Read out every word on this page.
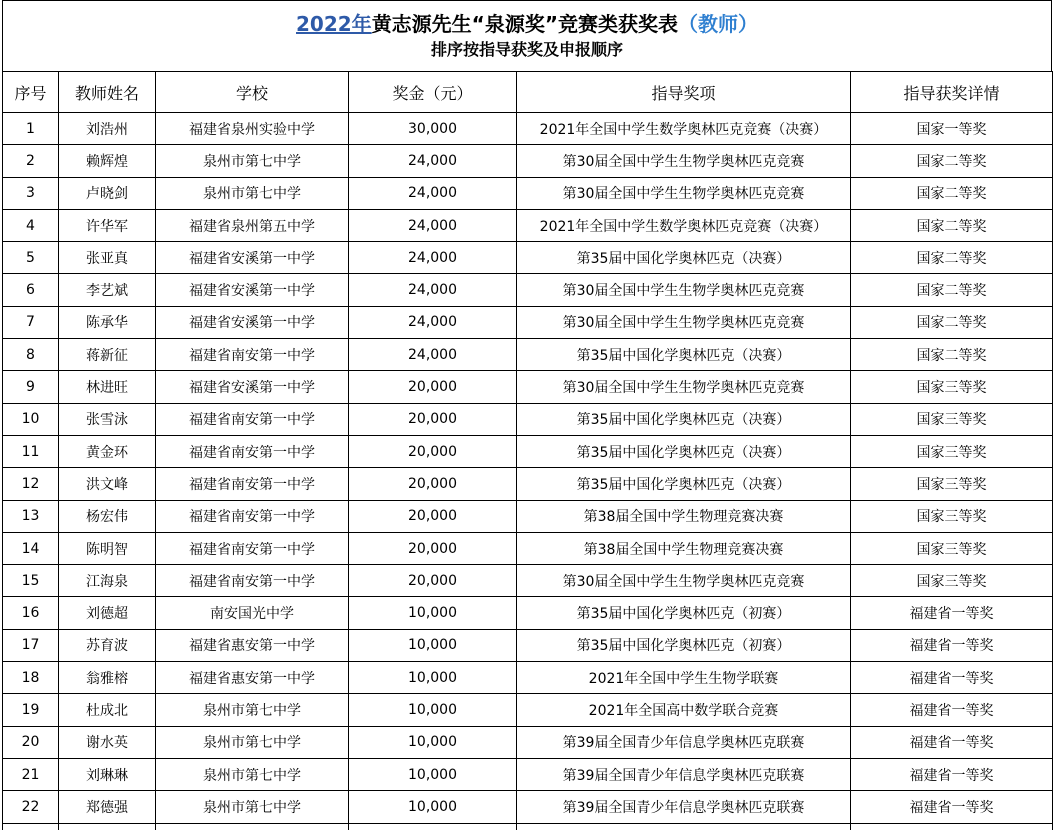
2022年黄志源先生“泉源奖”竞赛类获奖表（教师）
排序按指导获奖及申报顺序
序号	教师姓名	学校	奖金（元）	指导奖项	指导获奖详情
1	刘浩州	福建省泉州实验中学	30,000	2021年全国中学生数学奥林匹克竞赛（决赛）	国家一等奖
2	赖辉煌	泉州市第七中学	24,000	第30届全国中学生生物学奥林匹克竞赛	国家二等奖
3	卢晓剑	泉州市第七中学	24,000	第30届全国中学生生物学奥林匹克竞赛	国家二等奖
4	许华军	福建省泉州第五中学	24,000	2021年全国中学生数学奥林匹克竞赛（决赛）	国家二等奖
5	张亚真	福建省安溪第一中学	24,000	第35届中国化学奥林匹克（决赛）	国家二等奖
6	李艺斌	福建省安溪第一中学	24,000	第30届全国中学生生物学奥林匹克竞赛	国家二等奖
7	陈承华	福建省安溪第一中学	24,000	第30届全国中学生生物学奥林匹克竞赛	国家二等奖
8	蒋新征	福建省南安第一中学	24,000	第35届中国化学奥林匹克（决赛）	国家二等奖
9	林进旺	福建省安溪第一中学	20,000	第30届全国中学生生物学奥林匹克竞赛	国家三等奖
10	张雪泳	福建省南安第一中学	20,000	第35届中国化学奥林匹克（决赛）	国家三等奖
11	黄金环	福建省南安第一中学	20,000	第35届中国化学奥林匹克（决赛）	国家三等奖
12	洪文峰	福建省南安第一中学	20,000	第35届中国化学奥林匹克（决赛）	国家三等奖
13	杨宏伟	福建省南安第一中学	20,000	第38届全国中学生物理竞赛决赛	国家三等奖
14	陈明智	福建省南安第一中学	20,000	第38届全国中学生物理竞赛决赛	国家三等奖
15	江海泉	福建省南安第一中学	20,000	第30届全国中学生生物学奥林匹克竞赛	国家三等奖
16	刘德超	南安国光中学	10,000	第35届中国化学奥林匹克（初赛）	福建省一等奖
17	苏育波	福建省惠安第一中学	10,000	第35届中国化学奥林匹克（初赛）	福建省一等奖
18	翁雅榕	福建省惠安第一中学	10,000	2021年全国中学生生物学联赛	福建省一等奖
19	杜成北	泉州市第七中学	10,000	2021年全国高中数学联合竞赛	福建省一等奖
20	谢水英	泉州市第七中学	10,000	第39届全国青少年信息学奥林匹克联赛	福建省一等奖
21	刘琳琳	泉州市第七中学	10,000	第39届全国青少年信息学奥林匹克联赛	福建省一等奖
22	郑德强	泉州市第七中学	10,000	第39届全国青少年信息学奥林匹克联赛	福建省一等奖
